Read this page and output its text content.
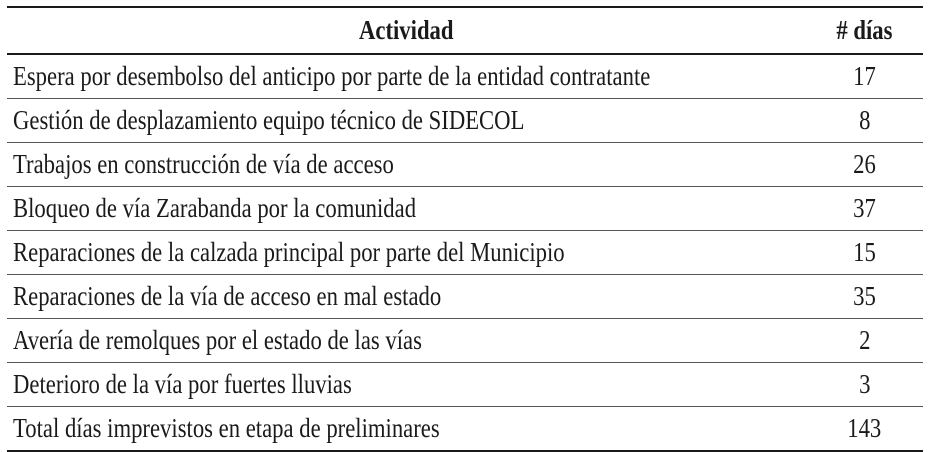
Actividad	# días
Espera por desembolso del anticipo por parte de la entidad contratante	17
Gestión de desplazamiento equipo técnico de SIDECOL	8
Trabajos en construcción de vía de acceso	26
Bloqueo de vía Zarabanda por la comunidad	37
Reparaciones de la calzada principal por parte del Municipio	15
Reparaciones de la vía de acceso en mal estado	35
Avería de remolques por el estado de las vías	2
Deterioro de la vía por fuertes lluvias	3
Total días imprevistos en etapa de preliminares	143
